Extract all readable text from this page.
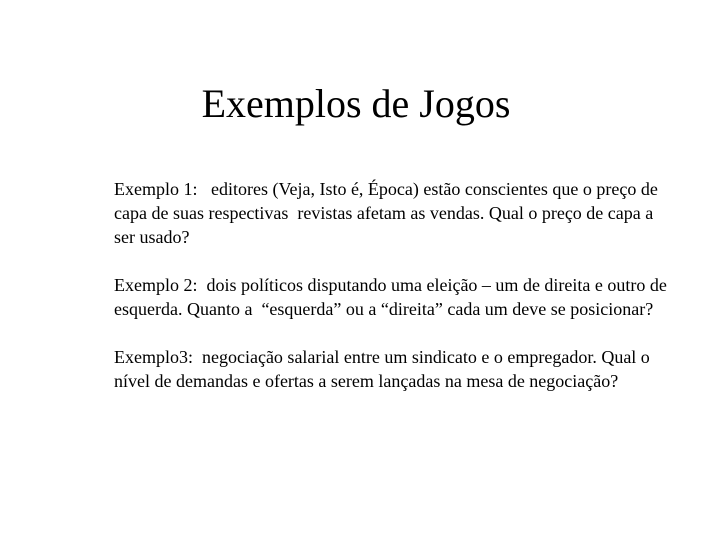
Exemplos de Jogos

Exemplo 1:   editores (Veja, Isto é, Época) estão conscientes que o preço de capa de suas respectivas  revistas afetam as vendas. Qual o preço de capa a ser usado?

Exemplo 2:  dois políticos disputando uma eleição – um de direita e outro de esquerda. Quanto a  “esquerda” ou a “direita” cada um deve se posicionar?

Exemplo3:  negociação salarial entre um sindicato e o empregador. Qual o nível de demandas e ofertas a serem lançadas na mesa de negociação?
